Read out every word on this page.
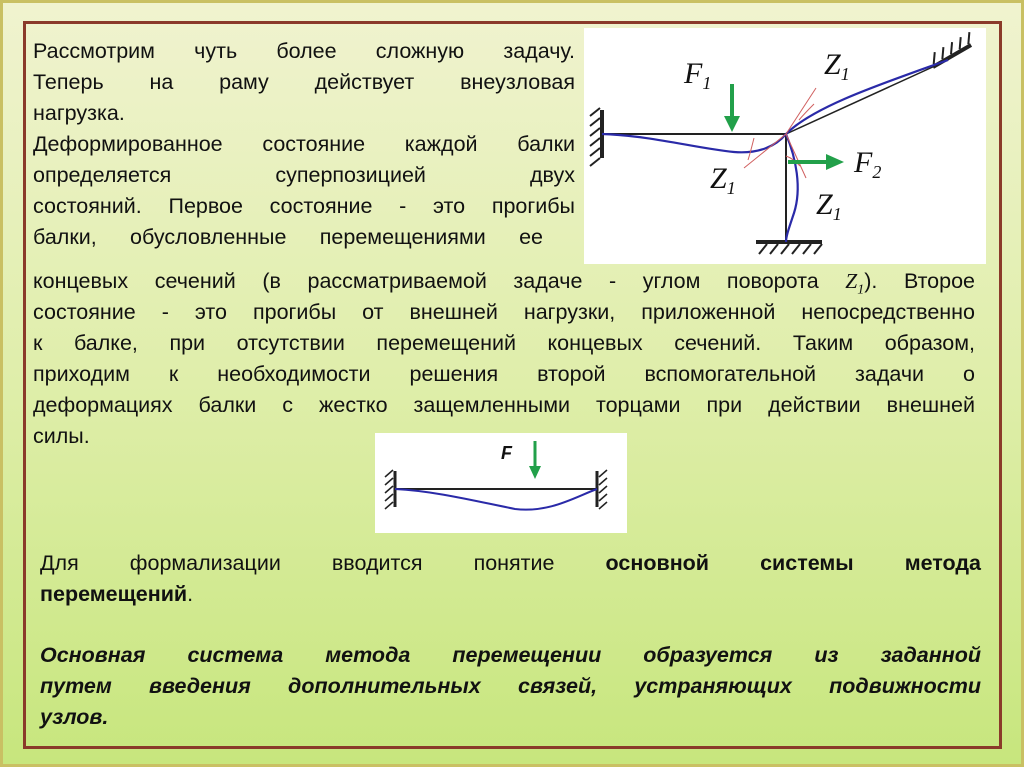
Рассмотрим чуть более сложную задачу.

Теперь на раму действует внеузловая

нагрузка.

Деформированное состояние каждой балки

определяется суперпозицией двух

состояний. Первое состояние - это прогибы

балки, обусловленные перемещениями ее

$F_1$
$F_2$
$Z_1$
$Z_1$	$Z_1$

концевых сечений (в рассматриваемой задаче - углом поворота $Z_1$). Второе

состояние - это прогибы от внешней нагрузки, приложенной непосредственно

к балке, при отсутствии перемещений концевых сечений. Таким образом,

приходим к необходимости решения второй вспомогательной задачи о

деформациях балки с жестко защемленными торцами при действии внешней

силы.

F

Для формализации вводится понятие основной системы метода

перемещений.

Основная система метода перемещении образуется из заданной

путем введения дополнительных связей, устраняющих подвижности

узлов.
